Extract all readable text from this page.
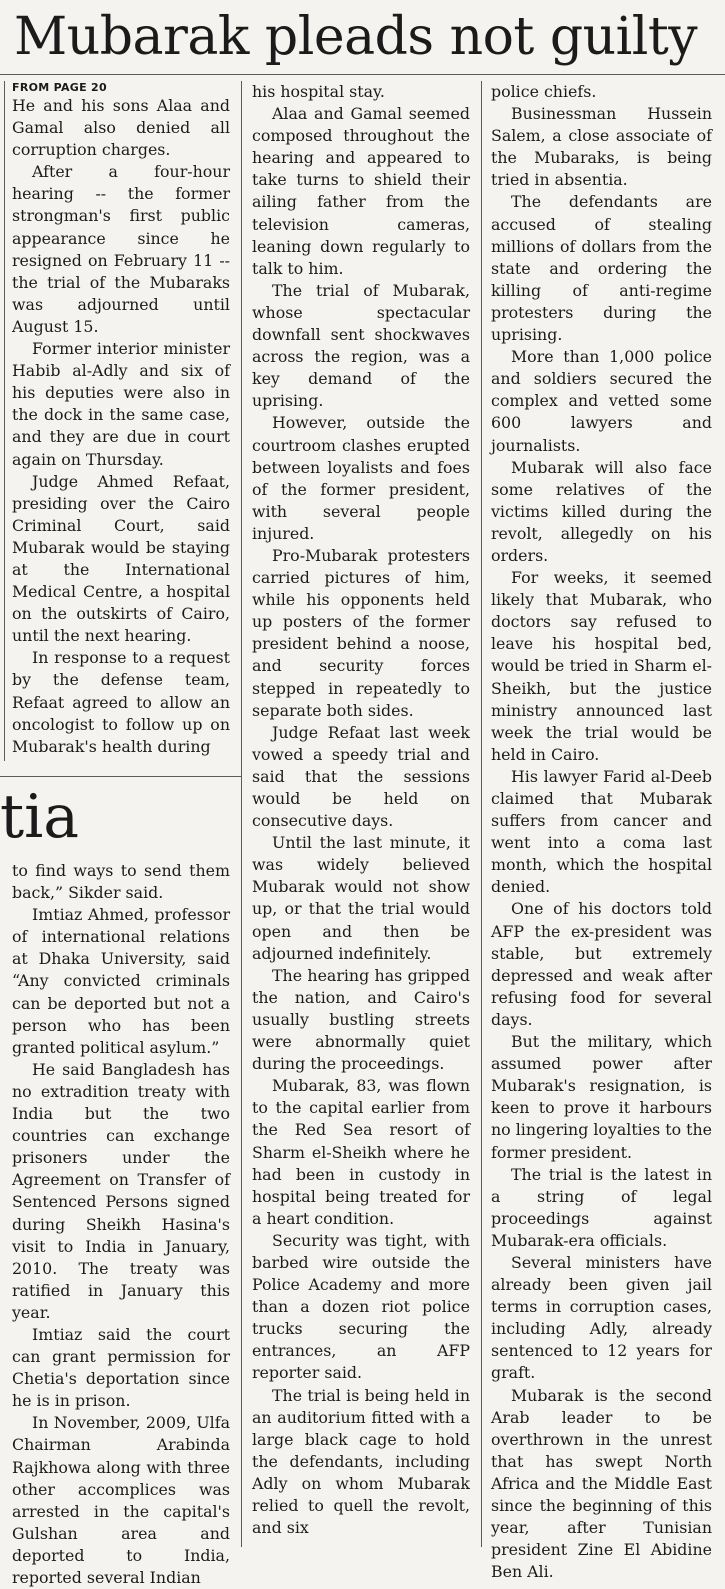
Mubarak pleads not guilty
FROM PAGE 20

He and his sons Alaa and Gamal also denied all corruption charges.

After a four-hour hearing -- the former strongman's first public appearance since he resigned on February 11 -- the trial of the Mubaraks was adjourned until August 15.

Former interior minister Habib al-Adly and six of his deputies were also in the dock in the same case, and they are due in court again on Thursday.

Judge Ahmed Refaat, presiding over the Cairo Criminal Court, said Mubarak would be staying at the International Medical Centre, a hospital on the outskirts of Cairo, until the next hearing.

In response to a request by the defense team, Refaat agreed to allow an oncologist to follow up on Mubarak's health during

his hospital stay.

Alaa and Gamal seemed composed throughout the hearing and appeared to take turns to shield their ailing father from the television cameras, leaning down regularly to talk to him.

The trial of Mubarak, whose spectacular downfall sent shockwaves across the region, was a key demand of the uprising.

However, outside the courtroom clashes erupted between loyalists and foes of the former president, with several people injured.

Pro-Mubarak protesters carried pictures of him, while his opponents held up posters of the former president behind a noose, and security forces stepped in repeatedly to separate both sides.

Judge Refaat last week vowed a speedy trial and said that the sessions would be held on consecutive days.

Until the last minute, it was widely believed Mubarak would not show up, or that the trial would open and then be adjourned indefinitely.

The hearing has gripped the nation, and Cairo's usually bustling streets were abnormally quiet during the proceedings.

Mubarak, 83, was flown to the capital earlier from the Red Sea resort of Sharm el-Sheikh where he had been in custody in hospital being treated for a heart condition.

Security was tight, with barbed wire outside the Police Academy and more than a dozen riot police trucks securing the entrances, an AFP reporter said.

The trial is being held in an auditorium fitted with a large black cage to hold the defendants, including Adly on whom Mubarak relied to quell the revolt, and six

police chiefs.

Businessman Hussein Salem, a close associate of the Mubaraks, is being tried in absentia.

The defendants are accused of stealing millions of dollars from the state and ordering the killing of anti-regime protesters during the uprising.

More than 1,000 police and soldiers secured the complex and vetted some 600 lawyers and journalists.

Mubarak will also face some relatives of the victims killed during the revolt, allegedly on his orders.

For weeks, it seemed likely that Mubarak, who doctors say refused to leave his hospital bed, would be tried in Sharm el-Sheikh, but the justice ministry announced last week the trial would be held in Cairo.

His lawyer Farid al-Deeb claimed that Mubarak suffers from cancer and went into a coma last month, which the hospital denied.

One of his doctors told AFP the ex-president was stable, but extremely depressed and weak after refusing food for several days.

But the military, which assumed power after Mubarak's resignation, is keen to prove it harbours no lingering loyalties to the former president.

The trial is the latest in a string of legal proceedings against Mubarak-era officials.

Several ministers have already been given jail terms in corruption cases, including Adly, already sentenced to 12 years for graft.

Mubarak is the second Arab leader to be overthrown in the unrest that has swept North Africa and the Middle East since the beginning of this year, after Tunisian president Zine El Abidine Ben Ali.

tia

to find ways to send them back,” Sikder said.

Imtiaz Ahmed, professor of international relations at Dhaka University, said “Any convicted criminals can be deported but not a person who has been granted political asylum.”

He said Bangladesh has no extradition treaty with India but the two countries can exchange prisoners under the Agreement on Transfer of Sentenced Persons signed during Sheikh Hasina's visit to India in January, 2010. The treaty was ratified in January this year.

Imtiaz said the court can grant permission for Chetia's deportation since he is in prison.

In November, 2009, Ulfa Chairman Arabinda Rajkhowa along with three other accomplices was arrested in the capital's Gulshan area and deported to India, reported several Indian
